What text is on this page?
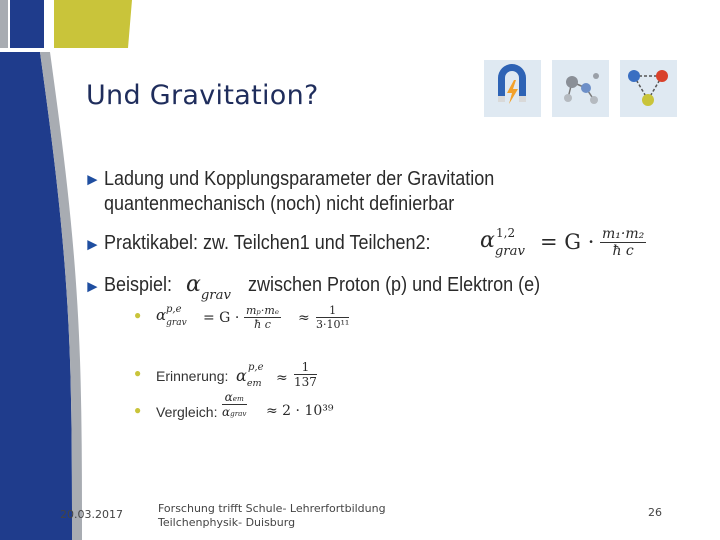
Und Gravitation?
► Ladung und Kopplungsparameter der Gravitation
quantenmechanisch (noch) nicht definierbar
► Praktikabel: zw. Teilchen1 und Teilchen2: $\alpha_{grav}$
$1,2 = G \cdot \frac{\text{m₁·m₂}}{\text{ħ c}}$
► Beispiel: $\alpha_{grav}$ zwischen Proton (p) und Elektron (e)
● $\alpha_{grav}$
p,e
= $G \cdot \frac{\text{mₚ·mₑ}}{\text{ħ c}} \approx \frac{1}{\text{3·10¹¹}}$
● Erinnerung: $\alpha_{em}$
p,e
≈ $\frac{1}{137}$
● Vergleich:
αem
αgrav ≈ 2 · 10³⁹
20.03.2017	Forschung trifft Schule- Lehrerfortbildung
Teilchenphysik- Duisburg
26
